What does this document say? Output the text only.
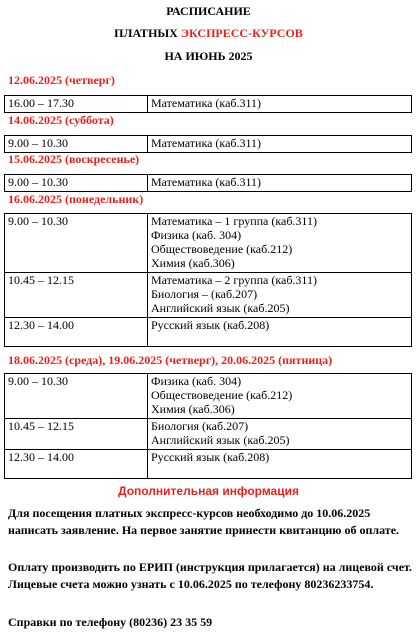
РАСПИСАНИЕ
ПЛАТНЫХ ЭКСПРЕСС-КУРСОВ
НА ИЮНЬ 2025
12.06.2025 (четверг)
16.00 – 17.30	Математика (каб.311)
14.06.2025 (суббота)
9.00 – 10.30	Математика (каб.311)
15.06.2025 (воскресенье)
9.00 – 10.30	Математика (каб.311)
16.06.2025 (понедельник)
9.00 – 10.30	Математика – 1 группа (каб.311)
Физика (каб. 304)
Обществоведение (каб.212)
Химия (каб.306)

10.45 – 12.15	Математика – 2 группа (каб.311)
Биология – (каб.207)
Английский язык (каб.205)

12.30 – 14.00	Русский язык (каб.208)
18.06.2025 (среда), 19.06.2025 (четверг), 20.06.2025 (пятница)
9.00 – 10.30	Физика (каб. 304)
Обществоведение (каб.212)
Химия (каб.306)

10.45 – 12.15	Биология (каб.207)
Английский язык (каб.205)

12.30 – 14.00	Русский язык (каб.208)
Дополнительная информация
Для посещения платных экспресс-курсов необходимо до 10.06.2025 написать заявление. На первое занятие принести квитанцию об оплате.
Оплату производить по ЕРИП (инструкция прилагается) на лицевой счет. Лицевые счета можно узнать с 10.06.2025 по телефону 80236233754.
Справки по телефону (80236) 23 35 59
